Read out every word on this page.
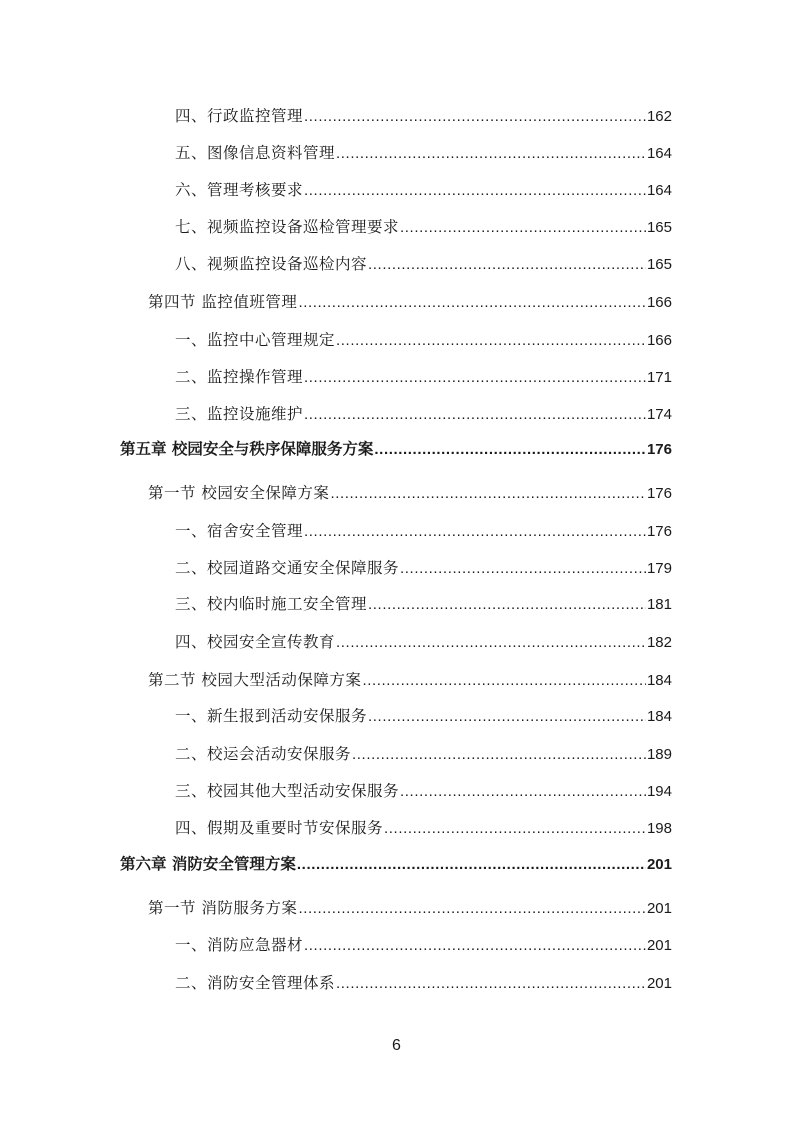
四、行政监控管理 .....	162
五、图像信息资料管理 .....	164
六、管理考核要求 .....	164
七、视频监控设备巡检管理要求 .....	165
八、视频监控设备巡检内容 .....	165
第四节 监控值班管理 .....	166
一、监控中心管理规定 .....	166
二、监控操作管理 .....	171
三、监控设施维护 .....	174
第五章 校园安全与秩序保障服务方案 .....	176
第一节 校园安全保障方案 .....	176
一、宿舍安全管理 .....	176
二、校园道路交通安全保障服务 .....	179
三、校内临时施工安全管理 .....	181
四、校园安全宣传教育 .....	182
第二节 校园大型活动保障方案 .....	184
一、新生报到活动安保服务 .....	184
二、校运会活动安保服务 .....	189
三、校园其他大型活动安保服务 .....	194
四、假期及重要时节安保服务 .....	198
第六章 消防安全管理方案 .....	201
第一节 消防服务方案 .....	201
一、消防应急器材 .....	201
二、消防安全管理体系 .....	201
6
